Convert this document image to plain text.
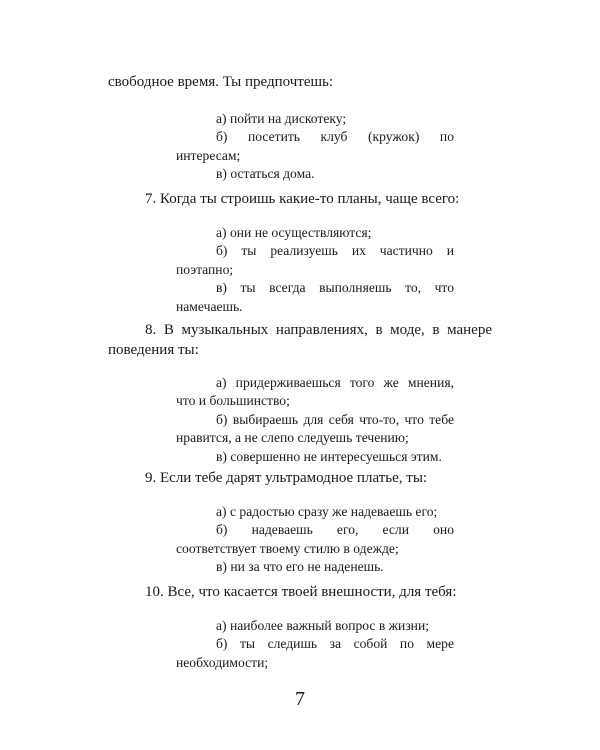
свободное время. Ты предпочтешь:
а) пойти на дискотеку;
б) посетить клуб (кружок) по
интересам;
в) остаться дома.
7. Когда ты строишь какие-то планы, чаще всего:
а) они не осуществляются;
б) ты реализуешь их частично и
поэтапно;
в) ты всегда выполняешь то, что
намечаешь.
8. В музыкальных направлениях, в моде, в манере
поведения ты:
а) придерживаешься того же мнения,
что и большинство;
б) выбираешь для себя что-то, что тебе
нравится, а не слепо следуешь течению;
в) совершенно не интересуешься этим.
9. Если тебе дарят ультрамодное платье, ты:
а) с радостью сразу же надеваешь его;
б) надеваешь его, если оно
соответствует твоему стилю в одежде;
в) ни за что его не наденешь.
10. Все, что касается твоей внешности, для тебя:
а) наиболее важный вопрос в жизни;
б) ты следишь за собой по мере
необходимости;
7
